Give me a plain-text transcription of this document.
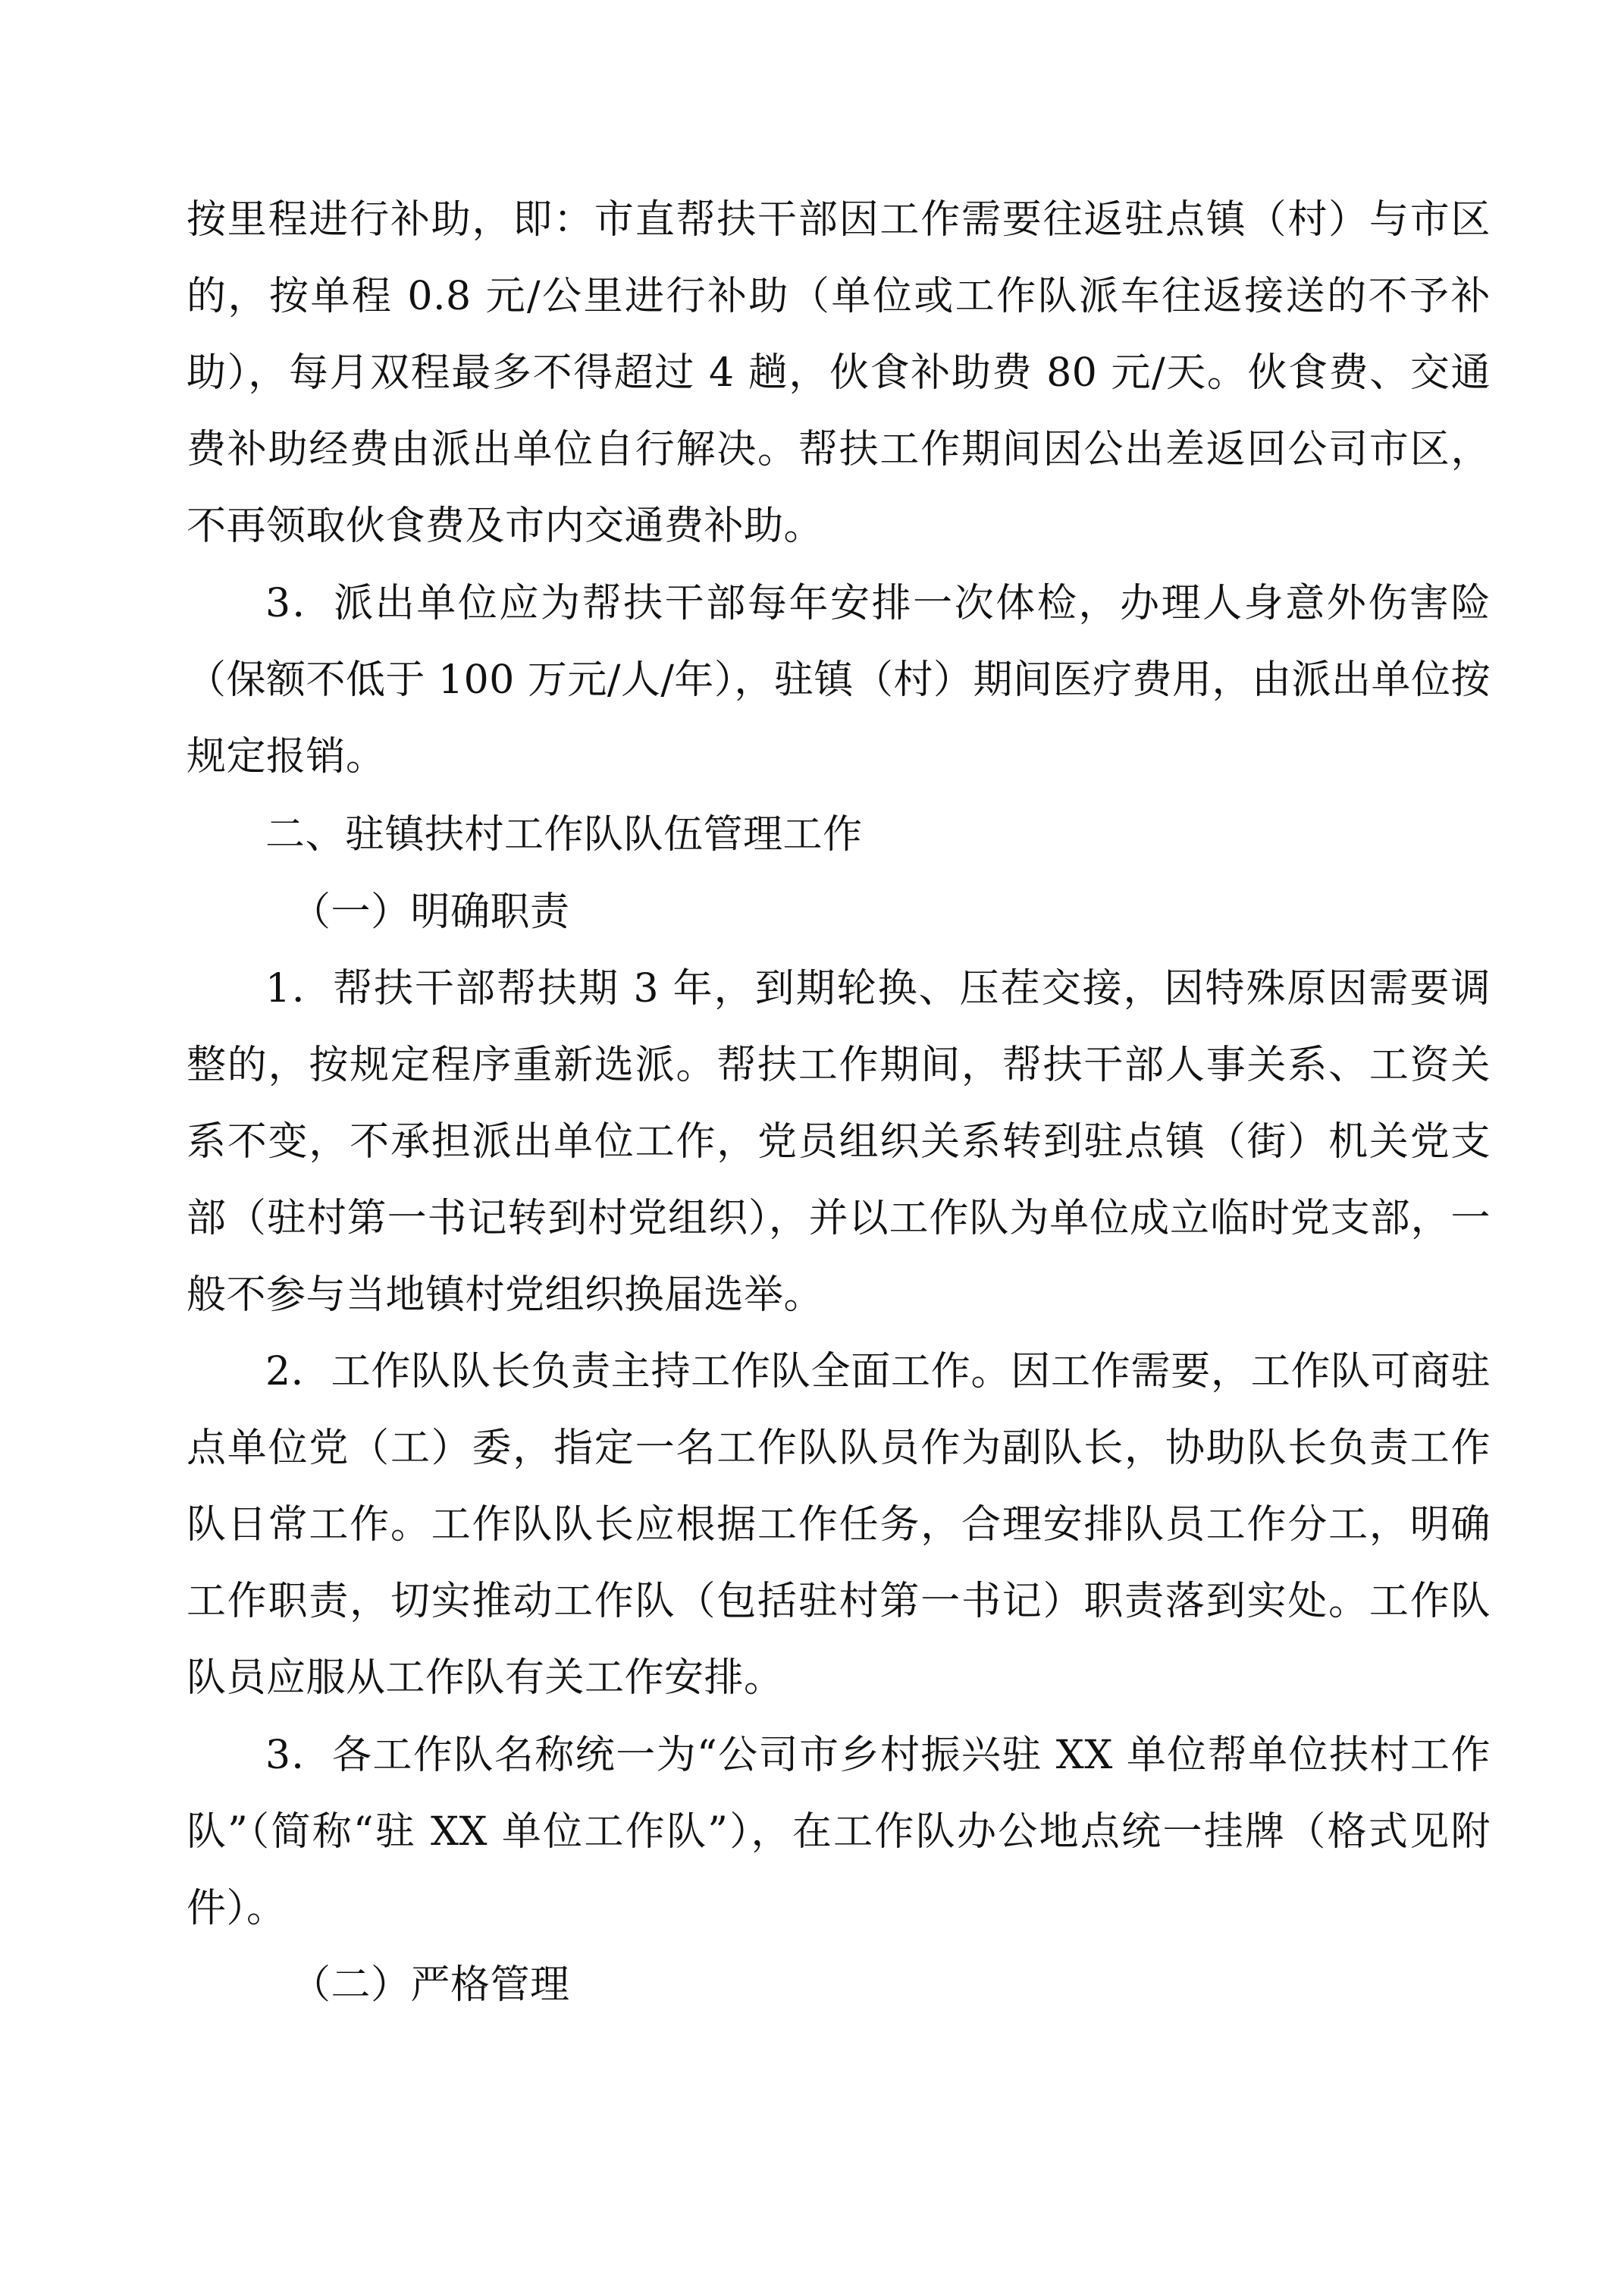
按里程进行补助，即：市直帮扶干部因工作需要往返驻点镇（村）与市区的，按单程 0.8 元/公里进行补助（单位或工作队派车往返接送的不予补助），每月双程最多不得超过 4 趟，伙食补助费 80 元/天。伙食费、交通费补助经费由派出单位自行解决。帮扶工作期间因公出差返回公司市区，不再领取伙食费及市内交通费补助。

3．派出单位应为帮扶干部每年安排一次体检，办理人身意外伤害险（保额不低于 100 万元/人/年），驻镇（村）期间医疗费用，由派出单位按规定报销。

二、驻镇扶村工作队队伍管理工作

（一）明确职责

1．帮扶干部帮扶期 3 年，到期轮换、压茬交接，因特殊原因需要调整的，按规定程序重新选派。帮扶工作期间，帮扶干部人事关系、工资关系不变，不承担派出单位工作，党员组织关系转到驻点镇（街）机关党支部（驻村第一书记转到村党组织），并以工作队为单位成立临时党支部，一般不参与当地镇村党组织换届选举。

2．工作队队长负责主持工作队全面工作。因工作需要，工作队可商驻点单位党（工）委，指定一名工作队队员作为副队长，协助队长负责工作队日常工作。工作队队长应根据工作任务，合理安排队员工作分工，明确工作职责，切实推动工作队（包括驻村第一书记）职责落到实处。工作队队员应服从工作队有关工作安排。

3．各工作队名称统一为“公司市乡村振兴驻 XX 单位帮单位扶村工作队”（简称“驻 XX 单位工作队”），在工作队办公地点统一挂牌（格式见附件）。

（二）严格管理
